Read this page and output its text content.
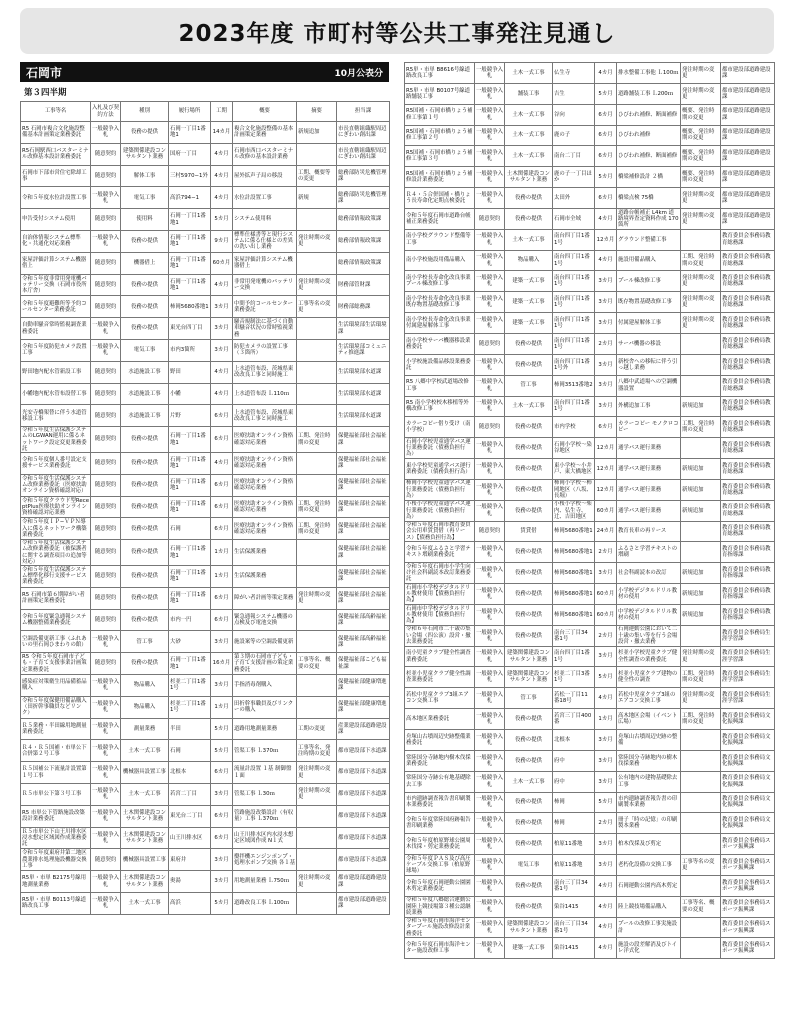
2023年度 市町村等公共工事発注見通し
石岡市	10月公表分
第３四半期
工事等名	入札及び契約方法	種別	履行場所	工期	概要	摘要	担当課
R5 石岡市複合文化施設整備基本計画策定業務委託	一般競争入札	役務の提供	石岡一丁目1番地1	14カ月	複合文化施設整備の基本計画策定業務	新規追加	市長直轄組織駅周辺にぎわい創出課
R5石岡駅西口バスターミナル改修基本設計業務委託	随意契約	建築関係建設コンサルタント業務	国府一丁目	4カ月	石岡市西口バスターミナル改修の基本設計業務		市長直轄組織駅周辺にぎわい創出課
石岡市下部市営住宅除却工事	随意契約	解体工事	三村5970−1外	4カ月	屋外拡声子局の移設	工期、概要等の変更	総務部防災危機管理課
令和５年度水位計設置工事	一般競争入札	電気工事	高浜794−1	4カ月	水位計設置工事	新規	総務部防災危機管理課
申告受付システム使用	随意契約	使用料	石岡一丁目1番地1	5カ月	システム使用料		総務部情報政策課
自治体情報システム標準化・共通化対応業務	一般競争入札	役務の提供	石岡一丁目1番地1	9カ月	標準仕様書等と現行システムに係る仕様との差異の洗い出し業務	発注時期の変更	総務部情報政策課
家屋評価計算システム機器借上	随意契約	機器借上	石岡一丁目1番地1	60カ月	家屋評価計算システム機器借上		総務部情報政策課
令和５年度非常用発電機バッテリー交換（石岡市役所本庁舎）	随意契約	役務の提供	石岡一丁目1番地1	4カ月	非常用発電機のバッテリー交換	発注時期の変更	財務部管財課
令和５年度避難所等予約コールセンター業務委託	随意契約	役務の提供	柿岡5680番地1	3カ月	中間予約コールセンター業務委託	工事等名の変更	財務部総務課
自動車騒音常時監視調査業務委託	一般競争入札	役務の提供	東光台四丁目	3カ月	騒音規制法に基づく自動車騒音状況の常時監視業務		生活環境部生活環境課
令和５年度防犯カメラ設置工事	一般競争入札	電気工事	市内3箇所	3カ月	防犯カメラの設置工事（３箇所）		生活環境部コミュニティ推進課
野田地内配水管新設工事	随意契約	水道施設工事	野田	4カ月	上水道管布設、茨城県東改改良工事と同時施工		生活環境部水道課
小幡地内配水管布設替工事	随意契約	水道施設工事	小幡	4カ月	上水道管布設 Ｌ110ｍ		生活環境部水道課
光安寺橋架替に伴う水道管移設工事	随意契約	水道施設工事	片野	6カ月	上水道管布設、茨城県東改改良工事と同時施工		生活環境部水道課
令和５年度生活保護システムのLGWAN運用に係るネットワーク設定変更業務委託	随意契約	役務の提供	石岡一丁目1番地1	6カ月	医療扶助オンライン資格確認対応業務	工期、発注時期の変更	保健福祉部社会福祉課
令和５年度個人番号設定支援サービス業務委託	随意契約	役務の提供	石岡一丁目1番地1	4カ月	医療扶助オンライン資格確認対応業務		保健福祉部社会福祉課
令和５年度生活保護システム改修業務委託（医療扶助オンライン資格確認対応）	随意契約	役務の提供	石岡一丁目1番地1	6カ月	医療扶助オンライン資格確認対応業務		保健福祉部社会福祉課
令和５年度クラウド型ReceptPlus医療扶助オンライン資格確認対応業務	随意契約	役務の提供	石岡一丁目1番地1	6カ月	医療扶助オンライン資格確認対応業務	工期、発注時期の変更	保健福祉部社会福祉課
令和５年度ＩＰ−ＶＰＮ導入に係るネットワーク構築業務委託	随意契約	役務の提供	石岡	6カ月	医療扶助オンライン資格確認対応業務	工期、発注時期の変更	保健福祉部社会福祉課
令和５年度生活保護システム改修業務委託（被保護者に関する調査項目の追加等対応）	随意契約	役務の提供	石岡一丁目1番地1	1カ月	生活保護業務		保健福祉部社会福祉課
令和５年度生活保護システム標準化移行支援サービス業務委託	随意契約	役務の提供	石岡一丁目1番地1	1カ月	生活保護業務		保健福祉部社会福祉課
R5 石岡市第６期障がい者計画策定業務委託	随意契約	役務の提供	石岡一丁目1番地1	6カ月	障がい者計画等策定業務	発注時期の変更	保健福祉部社会福祉課
令和５年度緊急通報システム機器整備業務委託	随意契約	役務の提供	市内一円	6カ月	緊急通報システム機器の点検及び電池交換		保健福祉部高齢福祉課
空調設備更新工事（ふれあいの里石岡ひまわりの館）	一般競争入札	管工事	大砂	3カ月	施設案等の空調設備更新		保健福祉部高齢福祉課
R5 令和５年度石岡市子ども・子育て支援事業計画策定業務委託	随意契約	役務の提供	石岡一丁目1番地1	16カ月	第３期の石岡市子ども・子育て支援計画の策定業務委託	工事等名、概要の変更	保健福祉部こども福祉課
感染症対策衛生用品備蓄品購入	一般競争入札	物品購入	杉並二丁目1番1号	3カ月	手指消毒剤購入		保健福祉部健康増進課
令和５年度保健用備品購入（田折幹事職員などリンク）	一般競争入札	物品購入	杉並二丁目1番1号	1カ月	田折幹事職員及びリンクーの購入		保健福祉部健康増進課
Ｒ５業務・半田線用地測量業務委託	一般競争入札	測量業務	半田	5カ月	道路用地測量業務	工期の変更	産業建設部道路建設課
Ｒ４・Ｒ５国補・市単公下合併第２号工事	一般競争入札	土木一式工事	石岡	5カ月	管渠工事 Ｌ370ｍ	工事等名、発注時期の変更	都市建設部下水道課
Ｒ５国補公下流量計設置第１号工事	一般競争入札	機械器具設置工事	北根本	6カ月	流量計設置 １基 制御盤 １面	発注時期の変更	都市建設部下水道課
Ｒ５市単公下第３号工事	一般競争入札	土木一式工事	若宮二丁目	3カ月	管渠工事 Ｌ30ｍ	発注時期の変更	都市建設部下水道課
R5 市単公下管路施設改築設計業務委託	一般競争入札	土木関係建設コンサルタント業務	東光台二丁目	6カ月	管路施設改築設計（有収量）工事 Ｌ370ｍ		都市建設部下水道課
Ｒ５市単公下山王川排水区浸水想定区域図作成業務委託	一般競争入札	土木関係建設コンサルタント業務	山王川排水区	6カ月	山王川排水区内水浸水想定区域図作成 N１式		都市建設部下水道課
令和５年度東府井第二地区農業排水処理施設機器交換工事	随意契約	機械器具設置工事	東府井	3カ月	攪拌機エンジンポンプ・処理水ポンプ交換 各１基		都市建設部下水道課
R5単・市単 B2175号線用地測量業務	一般競争入札	土木関係建設コンサルタント業務	奥湯	3カ月	用地測量業務 Ｌ750ｍ	発注時期の変更	都市建設部道路建設課
R5単・市単 B0113号線道路改良工事	一般競争入札	土木一式工事	高浜	5カ月	道路改良工事 Ｌ100ｍ		都市建設部道路建設課
R5単・市単 B8616号線道路改良工事	一般競争入札	土木一式工事	仏生寺	4カ月	排水整備工事他 Ｌ100ｍ	発注時期の変更	都市建設部道路建設課
R5単・市単 B0107号線道路舗装工事	一般競争入札	舗装工事	吉生	5カ月	道路舗装工事 Ｌ200ｍ	発注時期の変更	都市建設部道路建設課
R5国補・石岡市橋りょう補修工事第１号	一般競争入札	土木一式工事	谷向	6カ月	ひびわれ補修、断面補修	概要、発注時期の変更	都市建設部道路建設課
R5国補・石岡市橋りょう補修工事第２号	一般競争入札	土木一式工事	鹿の子	6カ月	ひびわれ補修	概要、発注時期の変更	都市建設部道路建設課
R5国補・石岡市橋りょう補修工事第３号	一般競争入札	土木一式工事	南台二丁目	6カ月	ひびわれ補修、断面補修	概要、発注時期の変更	都市建設部道路建設課
R5国補・石岡市橋りょう補修設計業務委託	一般競争入札	土木関係建設コンサルタント業務	鹿の子一丁目ほか	5カ月	橋梁補修設計 ２橋	概要、発注時期の変更	都市建設部道路建設課
Ｒ４・５合併国補・橋りょう長寿命化定期点検委託	一般競争入札	役務の提供	太田外	6カ月	橋梁点検 75橋	発注時期の変更	都市建設部道路建設課
令和５年度石岡市道路台帳補正業務委託	随意契約	役務の提供	石岡市全域	4カ月	道路台帳補正 L4km 道路境界査定資料作成 170箇所	発注時期の変更	都市建設部道路建設課
南小学校グラウンド整備等工事	一般競争入札	土木一式工事	南台四丁目1番1号	12カ月	グラウンド整備工事		教育委員会事務局教育総務課
南小学校施設用備品購入	一般競争入札	物品購入	南台四丁目1番1号	4カ月	施設用備品購入	工期、発注時期の変更	教育委員会事務局教育総務課
南小学校長寿命化改良事業プール棟改修工事	一般競争入札	建築一式工事	南台四丁目1番1号	3カ月	プール棟改修工事	発注時期の変更	教育委員会事務局教育総務課
南小学校長寿命化改良事業既存物置基礎改修工事	一般競争入札	建築一式工事	南台四丁目1番1号	3カ月	既存物置基礎改修工事	発注時期の変更	教育委員会事務局教育総務課
南小学校長寿命化改良事業付属建屋解体工事	一般競争入札	建築一式工事	南台四丁目1番1号	3カ月	付属建屋解体工事	発注時期の変更	教育委員会事務局教育総務課
南小学校サーバ機器移設業務委託	随意契約	役務の提供	南台四丁目1番1号	2カ月	サーバ機器の移設		教育委員会事務局教育総務課
小学校施設備品移設業務委託	一般競争入札	役務の提供	南台四丁目1番1号外	3カ月	新校舎への移転に伴う引っ越し業務		教育委員会事務局教育総務課
R5 八郷中学校武道場改修工事	一般競争入札	管工事	柿岡3513番地2	3カ月	八郷中武道場への空調機器設置		教育委員会事務局教育総務課
R5 南小学校校木移植等外構改修工事	一般競争入札	土木一式工事	南台四丁目1番1号	3カ月	外構追加工事	新規追加	教育委員会事務局教育総務課
カラーコピー借り受け（南小学校）	随意契約	役務の提供	市内学校	6カ月	カラーコピー モノクロコピー	工期、発注時期の変更	教育委員会事務局教育総務課
石岡小学校児童通学バス運行業務委託（債務負担行為）	一般競争入札	役務の提供	石岡小学校〜染谷地区	12カ月	通学バス運行業務		教育委員会事務局教育総務課
東小学校児童通学バス運行業務委託（債務負担行為）	一般競争入札	役務の提供	東小学校〜小井戸、東大橋地区	12カ月	通学バス運行業務	新規追加	教育委員会事務局教育総務課
柿岡小学校児童通学バス運行業務委託（債務負担行為）	一般競争入札	役務の提供	柿岡小学校〜柿岡地区（八坂、長堀）	12カ月	通学バス運行業務	新規追加	教育委員会事務局教育総務課
小桜小学校児童通学バス運行業務委託（債務負担行為）	一般競争入札	役務の提供	小桜小学校〜柴内、弘生寺、辻、吉田地区	60カ月	通学バス運行業務	新規追加	教育委員会事務局教育総務課
令和５年度石岡市教育委員会公用車賃貸借（再リース）【債務負担行為】	随意契約	賃貸借	柿岡5680番地1	24カ月	教育長車の再リース		教育委員会事務局教育総務課
令和５年度ふるさと学習テキスト増刷業務委託	一般競争入札	役務の提供	柿岡5680番地1	2カ月	ふるさと学習テキストの増刷		教育委員会事務局教育指導課
令和５年度石岡市小学生向け社会科副読本改訂業務委託	一般競争入札	役務の提供	柿岡5680番地1	3カ月	社会科副読本の改訂	新規追加	教育委員会事務局教育指導課
石岡市小学校デジタルドリル教材使用【債務負担行為】	一般競争入札	役務の提供	柿岡5680番地1	60カ月	小学校デジタルドリル教材の使用	新規追加	教育委員会事務局教育指導課
石岡市中学校デジタルドリル教材使用【債務負担行為】	一般競争入札	役務の提供	柿岡5680番地1	60カ月	中学校デジタルドリル教材の使用	新規追加	教育委員会事務局教育指導課
令和６年石岡市二十歳の集い会場（四公演）設営・撤去業務委託	一般競争入札	役務の提供	南台三丁目34番1号	2カ月	石岡運動公園において二十歳の集い等を行う会場設営・撤去業務		教育委員会事務局生涯学習課
南小児童クラブ健全性調査業務委託	一般競争入札	建築関係建設コンサルタント業務	南台四丁目1番1号	3カ月	杉並小学校児童クラブ健全性調査の業務委託	発注時期の変更	教育委員会事務局生涯学習課
杉並小児童クラブ健全性調査業務委託	一般競争入札	建築関係建設コンサルタント業務	杉並二丁目3番1号	5カ月	杉並小児童クラブ建物の健全性の調査	工期、発注時期の変更	教育委員会事務局生涯学習課
若松中児童クラブ3組エアコン交換工事	一般競争入札	管工事	若松一丁目11番18号	4カ月	若松中児童クラブ3組のエアコン交換工事	発注時期の変更	教育委員会事務局生涯学習課
高木地区業務委託	一般競争入札	役務の提供	若宮三丁目400番	1カ月	高木地区会場（イベント広場）	工期、発注時期の変更	教育委員会事務局文化振興課
舟塚山古墳周辺史跡整備業務委託	一般競争入札	役務の提供	北根本	3カ月	舟塚山古墳周辺史跡の整備		教育委員会事務局文化振興課
常陸国分寺跡地内樹木伐採業務委託	一般競争入札	役務の提供	府中	3カ月	常陸国分寺跡地内の樹木伐採業務		教育委員会事務局文化振興課
常陸国分寺跡公有地基礎除去工事	一般競争入札	土木一式工事	府中	3カ月	公有地内の建物基礎除去工事		教育委員会事務局文化振興課
市内遺跡調査報告書印刷製本業務委託	一般競争入札	役務の提供	柿岡	5カ月	市内遺跡調査報告書の印刷製本業務		教育委員会事務局文化振興課
令和５年度常陸国府跡報告書印刷業務	一般競争入札	役務の提供	柿岡	2カ月	冊子「時の記憶」の印刷製本業務		教育委員会事務局文化振興課
令和５年度柏原野球公園周木伐採・剪定業務委託	一般競争入札	役務の提供	柏原11番地	3カ月	柏木伐採及び剪定		教育委員会事務局スポーツ振興課
令和５年度ＰＡＳ及び高圧ケーブル交換工事（柏原野球場）	一般競争入札	電気工事	柏原11番地	3カ月	老朽化設備の交換工事	工事等名の変更	教育委員会事務局スポーツ振興課
令和５年度石岡運動公園園木剪定業務委託	一般競争入札	役務の提供	南台三丁目34番1号	4カ月	石岡運動公園内高木剪定		教育委員会事務局スポーツ振興課
令和５年度八郷総合運動公園陸上競技場第３種公認継続業務	一般競争入札	役務の提供	染谷1415	4カ月	陸上競技場備品購入	工事等名、概要の変更	教育委員会事務局スポーツ振興課
令和５年度石岡市海洋センタープール施設改修設計業務委託	一般競争入札	建築関係建設コンサルタント業務	南台三丁目34番1号	4カ月	プールの改修工事実施設計		教育委員会事務局スポーツ振興課
令和５年度石岡市海洋センター施設改修工事	一般競争入札	建築一式工事	染谷1415	4カ月	施設の段差解消及びトイレ洋式化		教育委員会事務局スポーツ振興課
